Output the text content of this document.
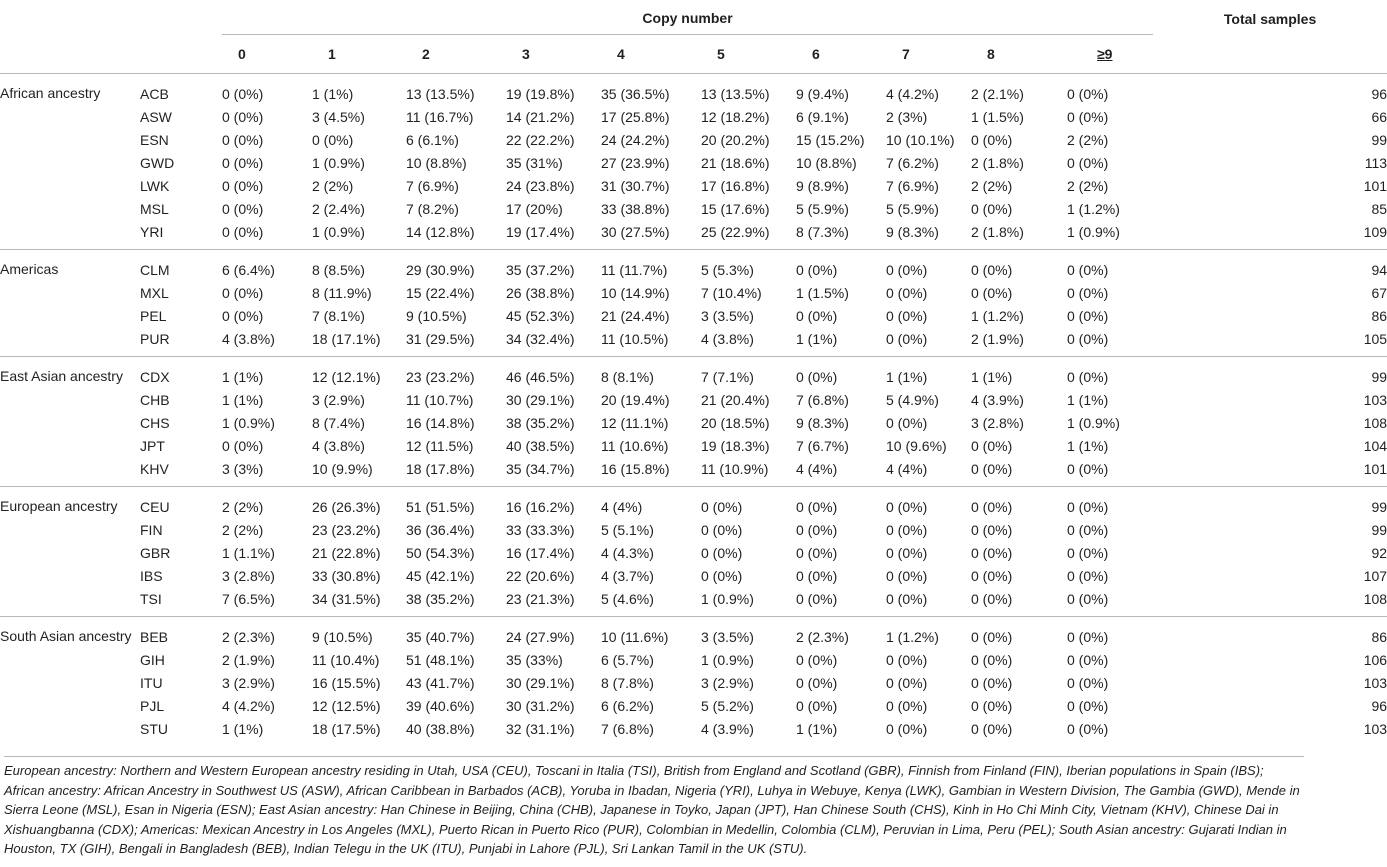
		Copy number										Total samples
		0	1	2	3	4	5	6	7	8	≥9	
African ancestry	ACB	0 (0%)	1 (1%)	13 (13.5%)	19 (19.8%)	35 (36.5%)	13 (13.5%)	9 (9.4%)	4 (4.2%)	2 (2.1%)	0 (0%)	96
	ASW	0 (0%)	3 (4.5%)	11 (16.7%)	14 (21.2%)	17 (25.8%)	12 (18.2%)	6 (9.1%)	2 (3%)	1 (1.5%)	0 (0%)	66
	ESN	0 (0%)	0 (0%)	6 (6.1%)	22 (22.2%)	24 (24.2%)	20 (20.2%)	15 (15.2%)	10 (10.1%)	0 (0%)	2 (2%)	99
	GWD	0 (0%)	1 (0.9%)	10 (8.8%)	35 (31%)	27 (23.9%)	21 (18.6%)	10 (8.8%)	7 (6.2%)	2 (1.8%)	0 (0%)	113
	LWK	0 (0%)	2 (2%)	7 (6.9%)	24 (23.8%)	31 (30.7%)	17 (16.8%)	9 (8.9%)	7 (6.9%)	2 (2%)	2 (2%)	101
	MSL	0 (0%)	2 (2.4%)	7 (8.2%)	17 (20%)	33 (38.8%)	15 (17.6%)	5 (5.9%)	5 (5.9%)	0 (0%)	1 (1.2%)	85
	YRI	0 (0%)	1 (0.9%)	14 (12.8%)	19 (17.4%)	30 (27.5%)	25 (22.9%)	8 (7.3%)	9 (8.3%)	2 (1.8%)	1 (0.9%)	109
Americas	CLM	6 (6.4%)	8 (8.5%)	29 (30.9%)	35 (37.2%)	11 (11.7%)	5 (5.3%)	0 (0%)	0 (0%)	0 (0%)	0 (0%)	94
	MXL	0 (0%)	8 (11.9%)	15 (22.4%)	26 (38.8%)	10 (14.9%)	7 (10.4%)	1 (1.5%)	0 (0%)	0 (0%)	0 (0%)	67
	PEL	0 (0%)	7 (8.1%)	9 (10.5%)	45 (52.3%)	21 (24.4%)	3 (3.5%)	0 (0%)	0 (0%)	1 (1.2%)	0 (0%)	86
	PUR	4 (3.8%)	18 (17.1%)	31 (29.5%)	34 (32.4%)	11 (10.5%)	4 (3.8%)	1 (1%)	0 (0%)	2 (1.9%)	0 (0%)	105
East Asian ancestry	CDX	1 (1%)	12 (12.1%)	23 (23.2%)	46 (46.5%)	8 (8.1%)	7 (7.1%)	0 (0%)	1 (1%)	1 (1%)	0 (0%)	99
	CHB	1 (1%)	3 (2.9%)	11 (10.7%)	30 (29.1%)	20 (19.4%)	21 (20.4%)	7 (6.8%)	5 (4.9%)	4 (3.9%)	1 (1%)	103
	CHS	1 (0.9%)	8 (7.4%)	16 (14.8%)	38 (35.2%)	12 (11.1%)	20 (18.5%)	9 (8.3%)	0 (0%)	3 (2.8%)	1 (0.9%)	108
	JPT	0 (0%)	4 (3.8%)	12 (11.5%)	40 (38.5%)	11 (10.6%)	19 (18.3%)	7 (6.7%)	10 (9.6%)	0 (0%)	1 (1%)	104
	KHV	3 (3%)	10 (9.9%)	18 (17.8%)	35 (34.7%)	16 (15.8%)	11 (10.9%)	4 (4%)	4 (4%)	0 (0%)	0 (0%)	101
European ancestry	CEU	2 (2%)	26 (26.3%)	51 (51.5%)	16 (16.2%)	4 (4%)	0 (0%)	0 (0%)	0 (0%)	0 (0%)	0 (0%)	99
	FIN	2 (2%)	23 (23.2%)	36 (36.4%)	33 (33.3%)	5 (5.1%)	0 (0%)	0 (0%)	0 (0%)	0 (0%)	0 (0%)	99
	GBR	1 (1.1%)	21 (22.8%)	50 (54.3%)	16 (17.4%)	4 (4.3%)	0 (0%)	0 (0%)	0 (0%)	0 (0%)	0 (0%)	92
	IBS	3 (2.8%)	33 (30.8%)	45 (42.1%)	22 (20.6%)	4 (3.7%)	0 (0%)	0 (0%)	0 (0%)	0 (0%)	0 (0%)	107
	TSI	7 (6.5%)	34 (31.5%)	38 (35.2%)	23 (21.3%)	5 (4.6%)	1 (0.9%)	0 (0%)	0 (0%)	0 (0%)	0 (0%)	108
South Asian ancestry	BEB	2 (2.3%)	9 (10.5%)	35 (40.7%)	24 (27.9%)	10 (11.6%)	3 (3.5%)	2 (2.3%)	1 (1.2%)	0 (0%)	0 (0%)	86
	GIH	2 (1.9%)	11 (10.4%)	51 (48.1%)	35 (33%)	6 (5.7%)	1 (0.9%)	0 (0%)	0 (0%)	0 (0%)	0 (0%)	106
	ITU	3 (2.9%)	16 (15.5%)	43 (41.7%)	30 (29.1%)	8 (7.8%)	3 (2.9%)	0 (0%)	0 (0%)	0 (0%)	0 (0%)	103
	PJL	4 (4.2%)	12 (12.5%)	39 (40.6%)	30 (31.2%)	6 (6.2%)	5 (5.2%)	0 (0%)	0 (0%)	0 (0%)	0 (0%)	96
	STU	1 (1%)	18 (17.5%)	40 (38.8%)	32 (31.1%)	7 (6.8%)	4 (3.9%)	1 (1%)	0 (0%)	0 (0%)	0 (0%)	103
European ancestry: Northern and Western European ancestry residing in Utah, USA (CEU), Toscani in Italia (TSI), British from England and Scotland (GBR), Finnish from Finland (FIN), Iberian populations in Spain (IBS); African ancestry: African Ancestry in Southwest US (ASW), African Caribbean in Barbados (ACB), Yoruba in Ibadan, Nigeria (YRI), Luhya in Webuye, Kenya (LWK), Gambian in Western Division, The Gambia (GWD), Mende in Sierra Leone (MSL), Esan in Nigeria (ESN); East Asian ancestry: Han Chinese in Beijing, China (CHB), Japanese in Toyko, Japan (JPT), Han Chinese South (CHS), Kinh in Ho Chi Minh City, Vietnam (KHV), Chinese Dai in Xishuangbanna (CDX); Americas: Mexican Ancestry in Los Angeles (MXL), Puerto Rican in Puerto Rico (PUR), Colombian in Medellin, Colombia (CLM), Peruvian in Lima, Peru (PEL); South Asian ancestry: Gujarati Indian in Houston, TX (GIH), Bengali in Bangladesh (BEB), Indian Telegu in the UK (ITU), Punjabi in Lahore (PJL), Sri Lankan Tamil in the UK (STU).
